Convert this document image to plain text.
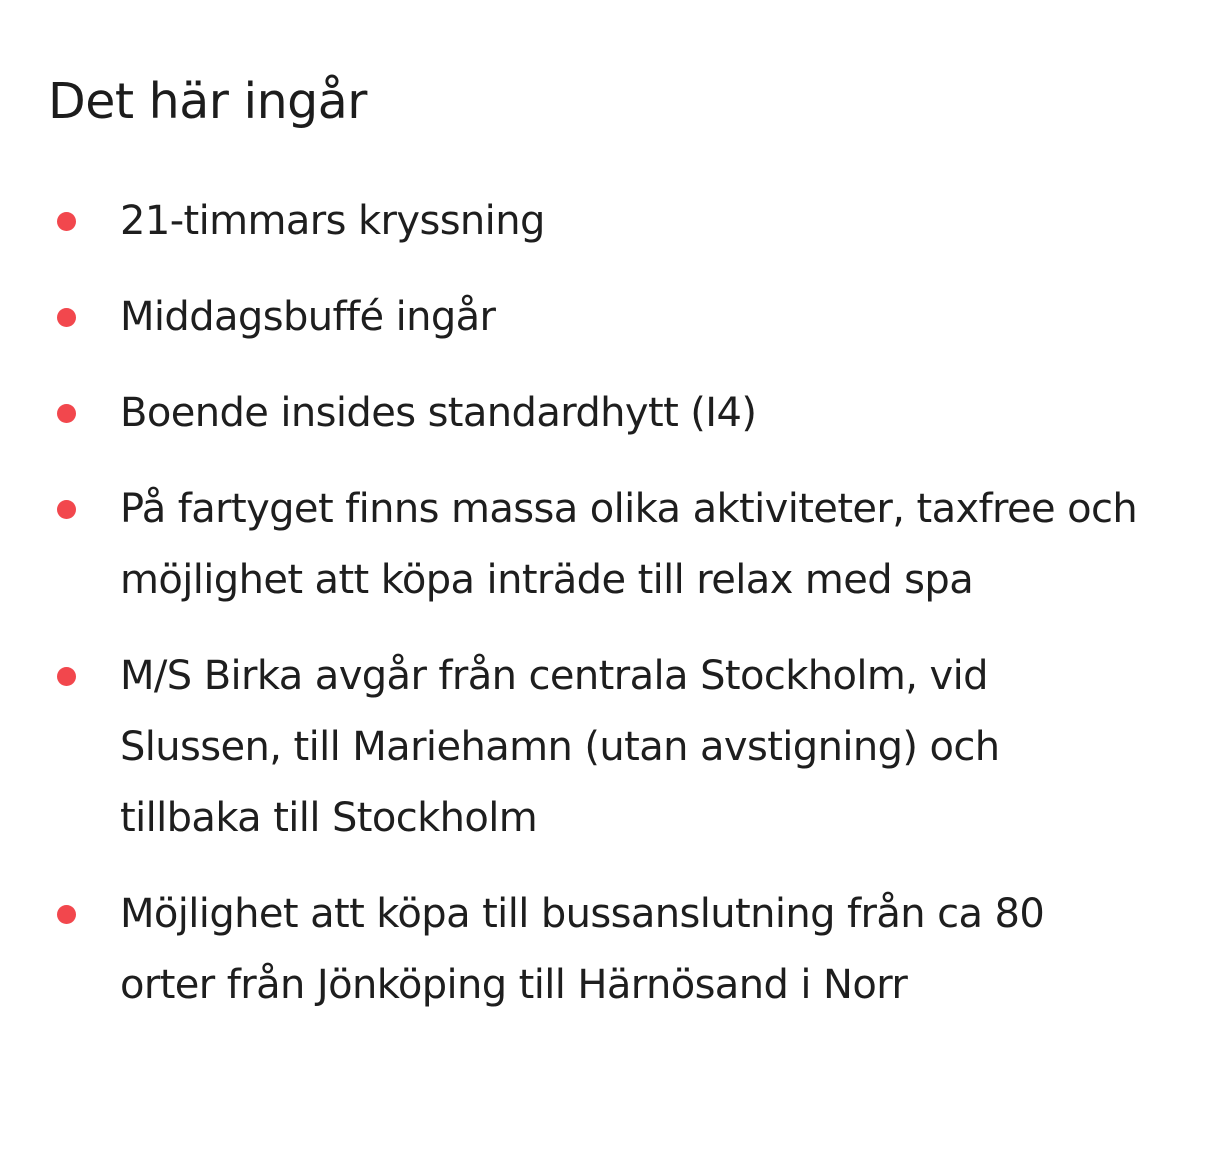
Det här ingår
21-timmars kryssning
Middagsbuffé ingår
Boende insides standardhytt (I4)
På fartyget finns massa olika aktiviteter, taxfree och möjlighet att köpa inträde till relax med spa
M/S Birka avgår från centrala Stockholm, vid Slussen, till Mariehamn (utan avstigning) och tillbaka till Stockholm
Möjlighet att köpa till bussanslutning från ca 80 orter från Jönköping till Härnösand i Norr
